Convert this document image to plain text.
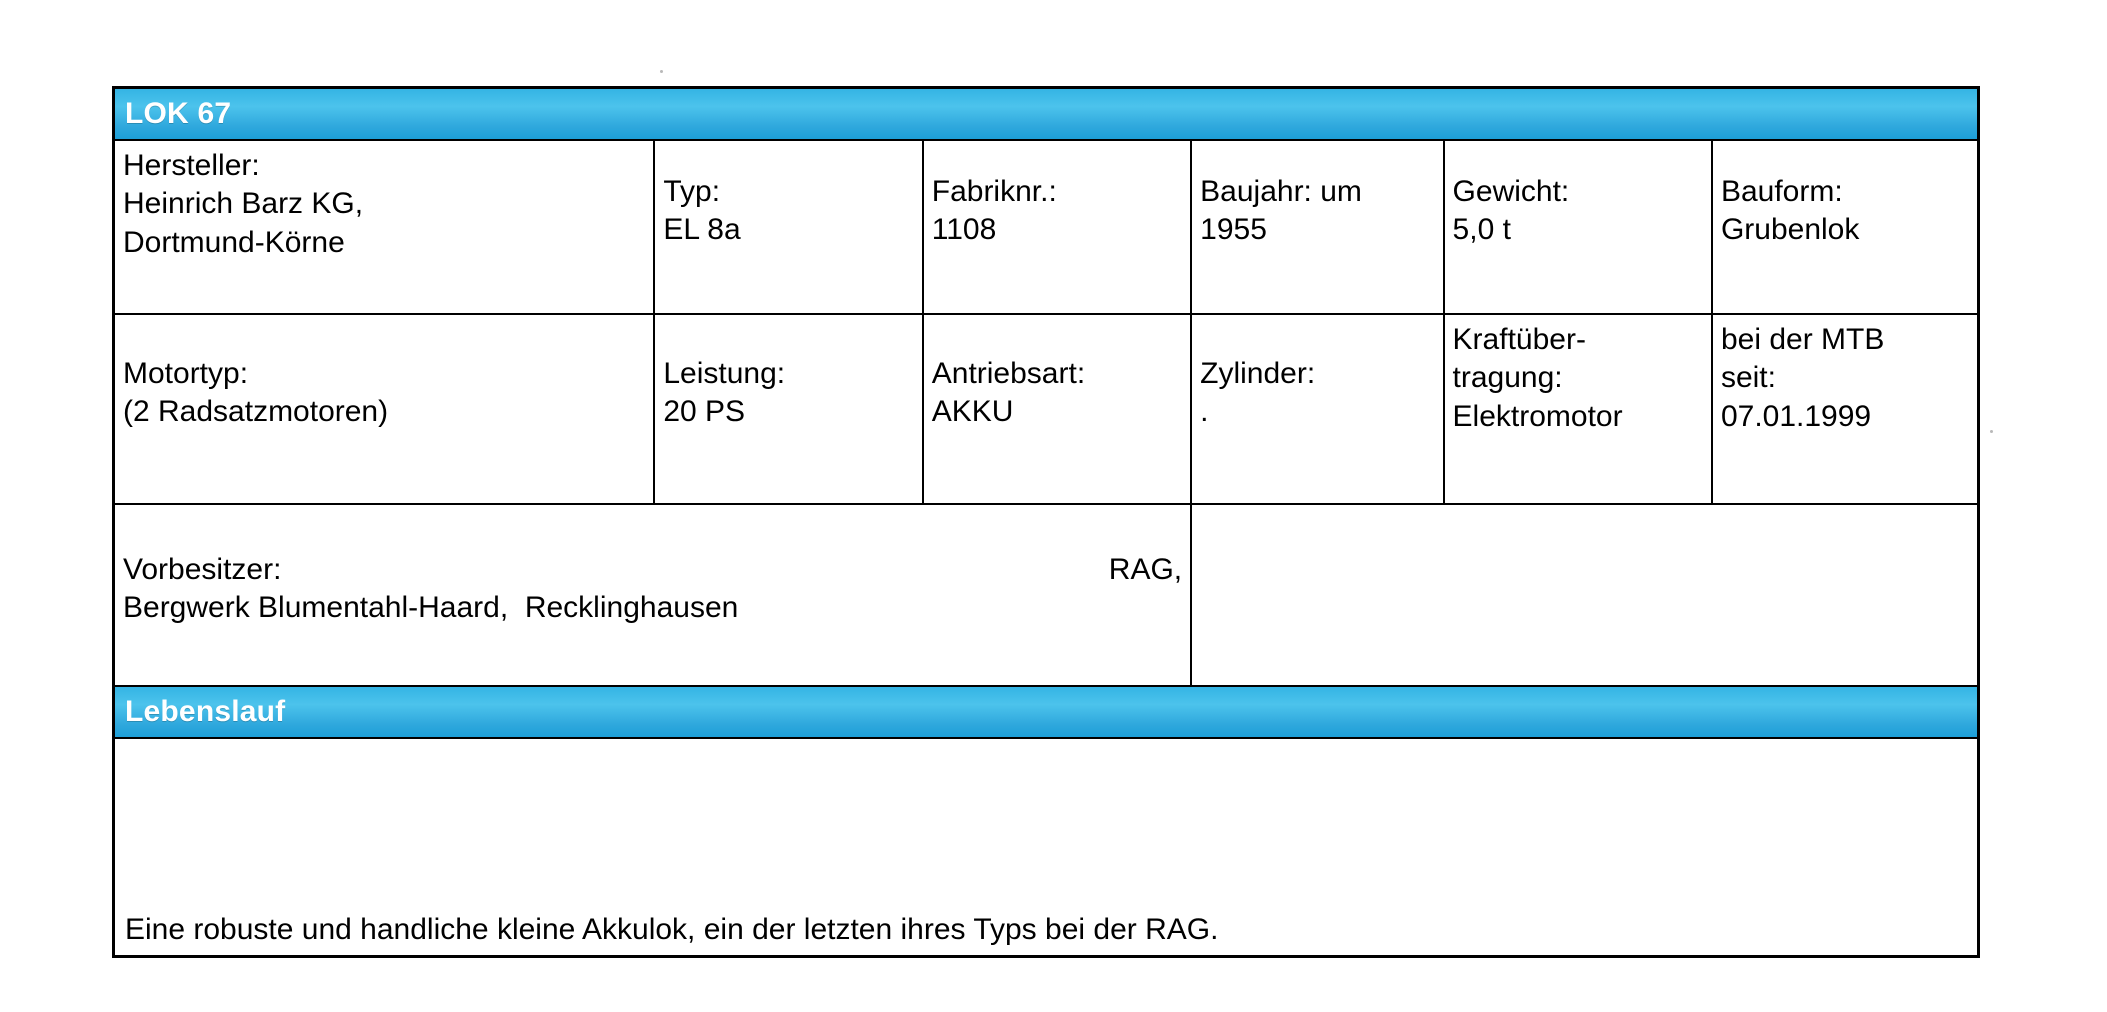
LOK 67					

Hersteller:
Heinrich Barz KG,
Dortmund-Körne	Typ:
EL 8a	Fabriknr.:
1108	Baujahr: um
1955	Gewicht:
5,0 t	Bauform:
Grubenlok

Motortyp:
(2 Radsatzmotoren)	Leistung:
20 PS	Antriebsart:
AKKU	Zylinder:
.	Kraftüber-
tragung:
Elektromotor	bei der MTB
seit:
07.01.1999

Vorbesitzer: RAG,
Bergwerk Blumentahl-Haard,  Recklinghausen					

Lebenslauf					

Eine robuste und handliche kleine Akkulok, ein der letzten ihres Typs bei der RAG.					
